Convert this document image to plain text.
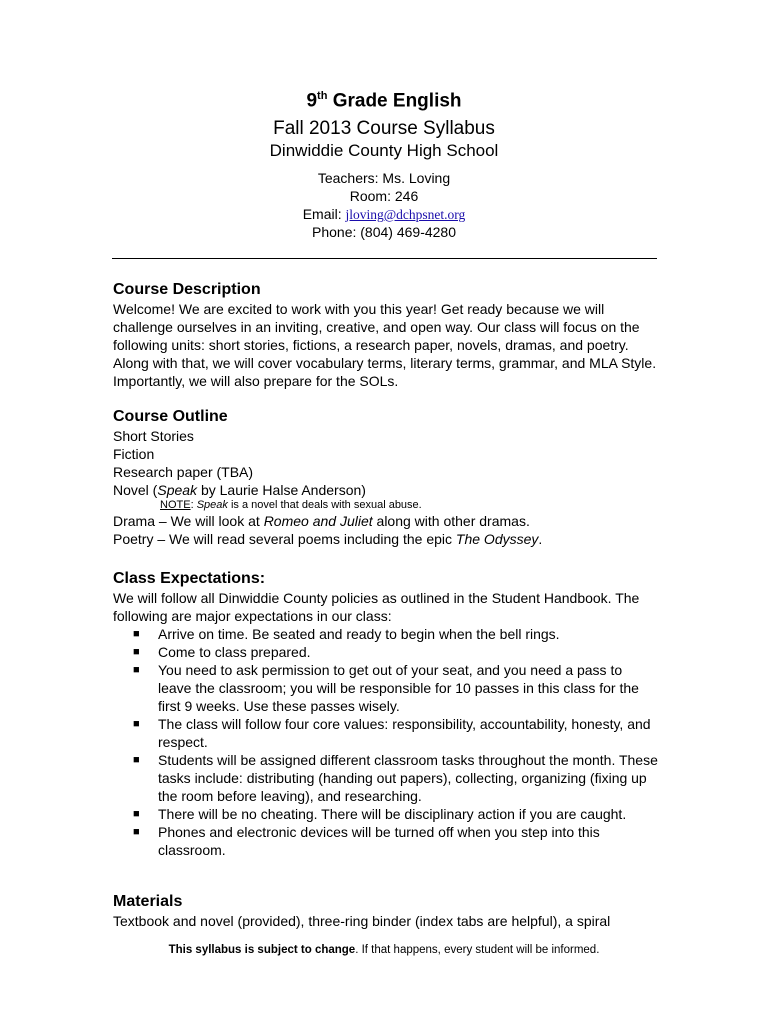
9th Grade English
Fall 2013 Course Syllabus
Dinwiddie County High School
Teachers: Ms. Loving
Room: 246
Email: jloving@dchpsnet.org
Phone: (804) 469-4280
Course Description

Welcome! We are excited to work with you this year! Get ready because we will challenge ourselves in an inviting, creative, and open way. Our class will focus on the following units: short stories, fictions, a research paper, novels, dramas, and poetry. Along with that, we will cover vocabulary terms, literary terms, grammar, and MLA Style. Importantly, we will also prepare for the SOLs.

Course Outline
Short Stories
Fiction
Research paper (TBA)
Novel (Speak by Laurie Halse Anderson)
NOTE: Speak is a novel that deals with sexual abuse.
Drama – We will look at Romeo and Juliet along with other dramas.
Poetry – We will read several poems including the epic The Odyssey.
Class Expectations:

We will follow all Dinwiddie County policies as outlined in the Student Handbook. The following are major expectations in our class:

■ Arrive on time. Be seated and ready to begin when the bell rings.
■ Come to class prepared.
■ You need to ask permission to get out of your seat, and you need a pass to leave the classroom; you will be responsible for 10 passes in this class for the first 9 weeks. Use these passes wisely.
■ The class will follow four core values: responsibility, accountability, honesty, and respect.
■ Students will be assigned different classroom tasks throughout the month. These tasks include: distributing (handing out papers), collecting, organizing (fixing up the room before leaving), and researching.
■ There will be no cheating. There will be disciplinary action if you are caught.
■ Phones and electronic devices will be turned off when you step into this classroom.
Materials

Textbook and novel (provided), three-ring binder (index tabs are helpful), a spiral

This syllabus is subject to change. If that happens, every student will be informed.
